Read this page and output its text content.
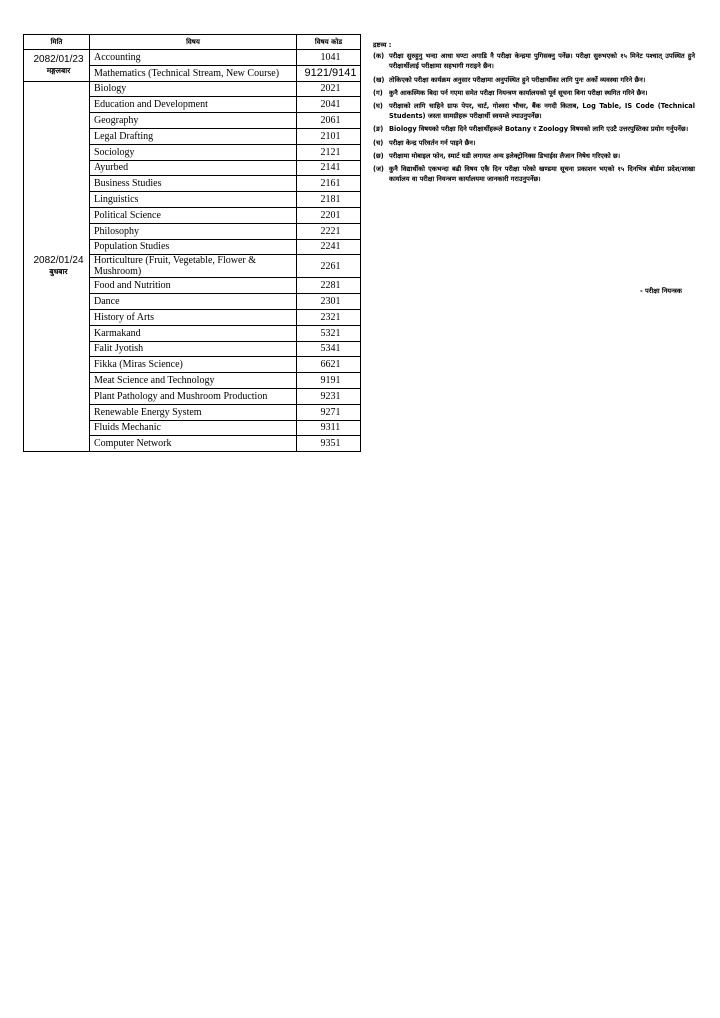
मिति	विषय	विषय कोड

2082/01/23
मङ्गलबार	Accounting	1041
	Mathematics (Technical Stream, New Course)	9121/9141

2082/01/24
बुधबार	Biology	2021
	Education and Development	2041
	Geography	2061
	Legal Drafting	2101
	Sociology	2121
	Ayurbed	2141
	Business Studies	2161
	Linguistics	2181
	Political Science	2201
	Philosophy	2221
	Population Studies	2241
	Horticulture (Fruit, Vegetable, Flower & Mushroom)	2261
	Food and Nutrition	2281
	Dance	2301
	History of Arts	2321
	Karmakand	5321
	Falit Jyotish	5341
	Fikka (Miras Science)	6621
	Meat Science and Technology	9191
	Plant Pathology and Mushroom Production	9231
	Renewable Energy System	9271
	Fluids Mechanic	9311
	Computer Network	9351
द्रष्टव्य :
(क) परीक्षा सुरुहुनु भन्दा आधा घण्टा अगाडि नै परीक्षा केन्द्रमा पुगिसक्नु पर्नेछ। परीक्षा सुरुभएको १५ मिनेट पश्चात् उपस्थित हुने परीक्षार्थीलाई परीक्षामा सहभागी गराइने छैन।
(ख) तोकिएको परीक्षा कार्यक्रम अनुसार परीक्षामा अनुपस्थित हुने परीक्षार्थीका लागि पुनः अर्को व्यवस्था गरिने छैन।
(ग) कुनै आकस्मिक बिदा पर्न गएमा समेत परीक्षा नियन्त्रण कार्यालयको पूर्व सूचना बिना परीक्षा स्थगित गरिने छैन।
(घ) परीक्षाको लागि चाहिने ग्राफ पेपर, चार्ट, गोश्वरा भौचर, बैंक नगदी किताब, Log Table, IS Code (Technical Students) जस्ता सामग्रीहरू परीक्षार्थी स्वयम्ले ल्याउनुपर्नेछ।
(ङ) Biology विषयको परीक्षा दिने परीक्षार्थीहरूले Botany र Zoology विषयको लागि एउटै उत्तरपुस्तिका प्रयोग गर्नुपर्नेछ।
(च) परीक्षा केन्द्र परिवर्तन गर्न पाइने छैन।
(छ) परीक्षामा मोबाइल फोन, स्मार्ट घडी लगायत अन्य इलेक्ट्रोनिक्स डिभाईस लैजान निषेध गरिएको छ।
(ज) कुनै विद्यार्थीको एकभन्दा बढी विषय एकै दिन परीक्षा परेको खण्डमा सूचना प्रकाशन भएको १५ दिनभित्र बोर्डमा प्रदेश/शाखा कार्यालय वा परीक्षा नियन्त्रण कार्यालयमा जानकारी गराउनुपर्नेछ।
- परीक्षा नियन्त्रक
